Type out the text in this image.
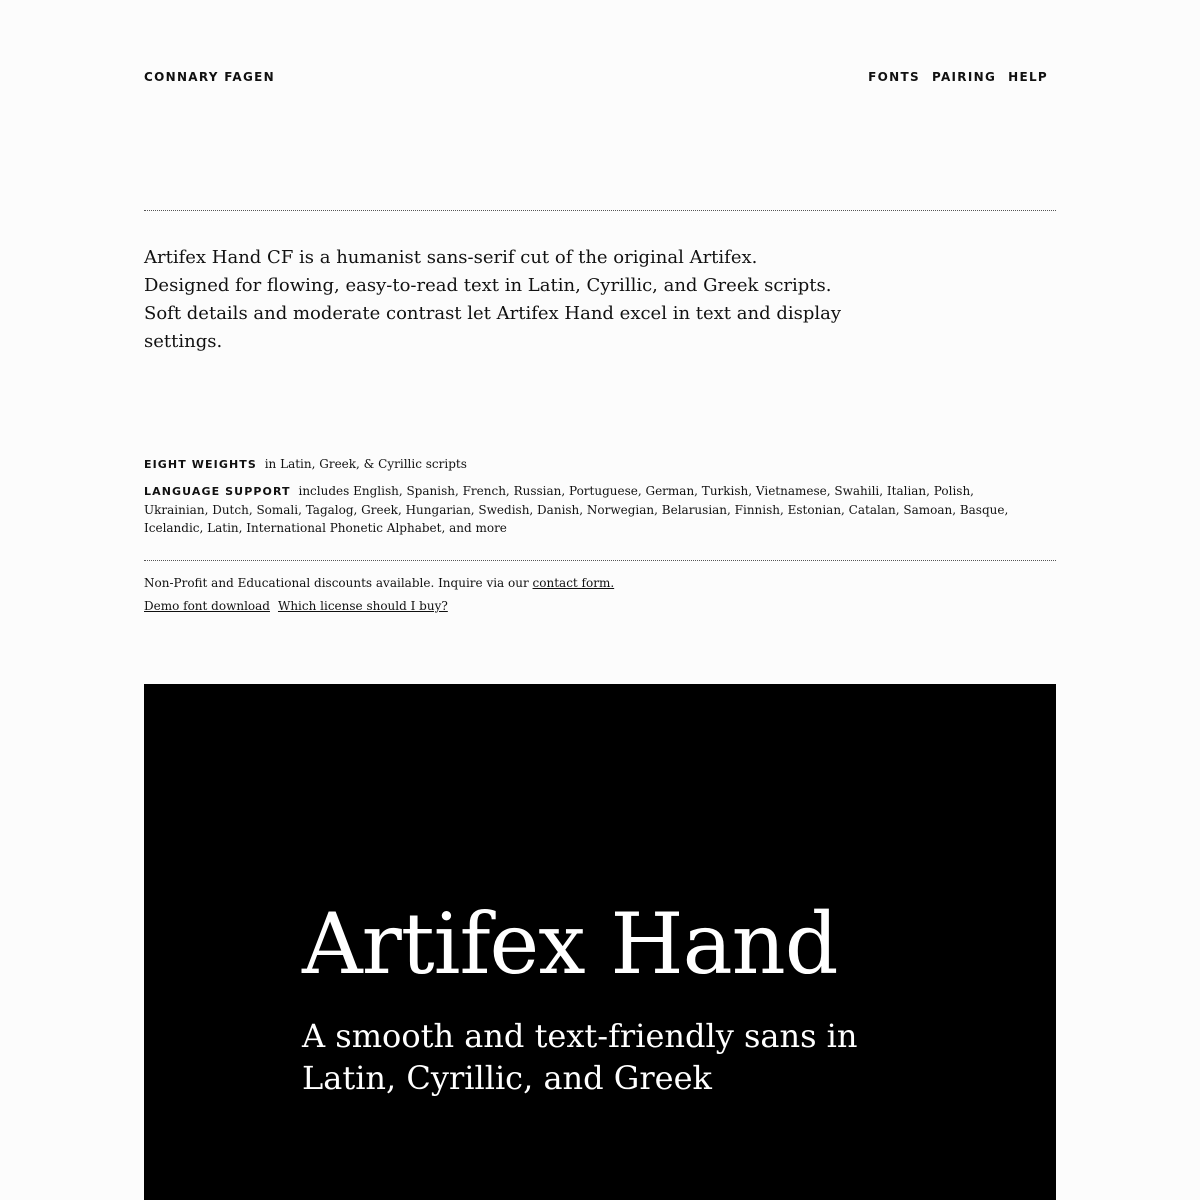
CONNARY FAGEN	FONTS PAIRING HELP

Artifex Hand CF is a humanist sans-serif cut of the original Artifex. Designed for flowing, easy-to-read text in Latin, Cyrillic, and Greek scripts. Soft details and moderate contrast let Artifex Hand excel in text and display settings.

EIGHT WEIGHTS in Latin, Greek, & Cyrillic scripts

LANGUAGE SUPPORT includes English, Spanish, French, Russian, Portuguese, German, Turkish, Vietnamese, Swahili, Italian, Polish, Ukrainian, Dutch, Somali, Tagalog, Greek, Hungarian, Swedish, Danish, Norwegian, Belarusian, Finnish, Estonian, Catalan, Samoan, Basque, Icelandic, Latin, International Phonetic Alphabet, and more

Non-Profit and Educational discounts available. Inquire via our contact form.

Demo font download Which license should I buy?
Artifex Hand

A smooth and text-friendly sans in Latin, Cyrillic, and Greek
